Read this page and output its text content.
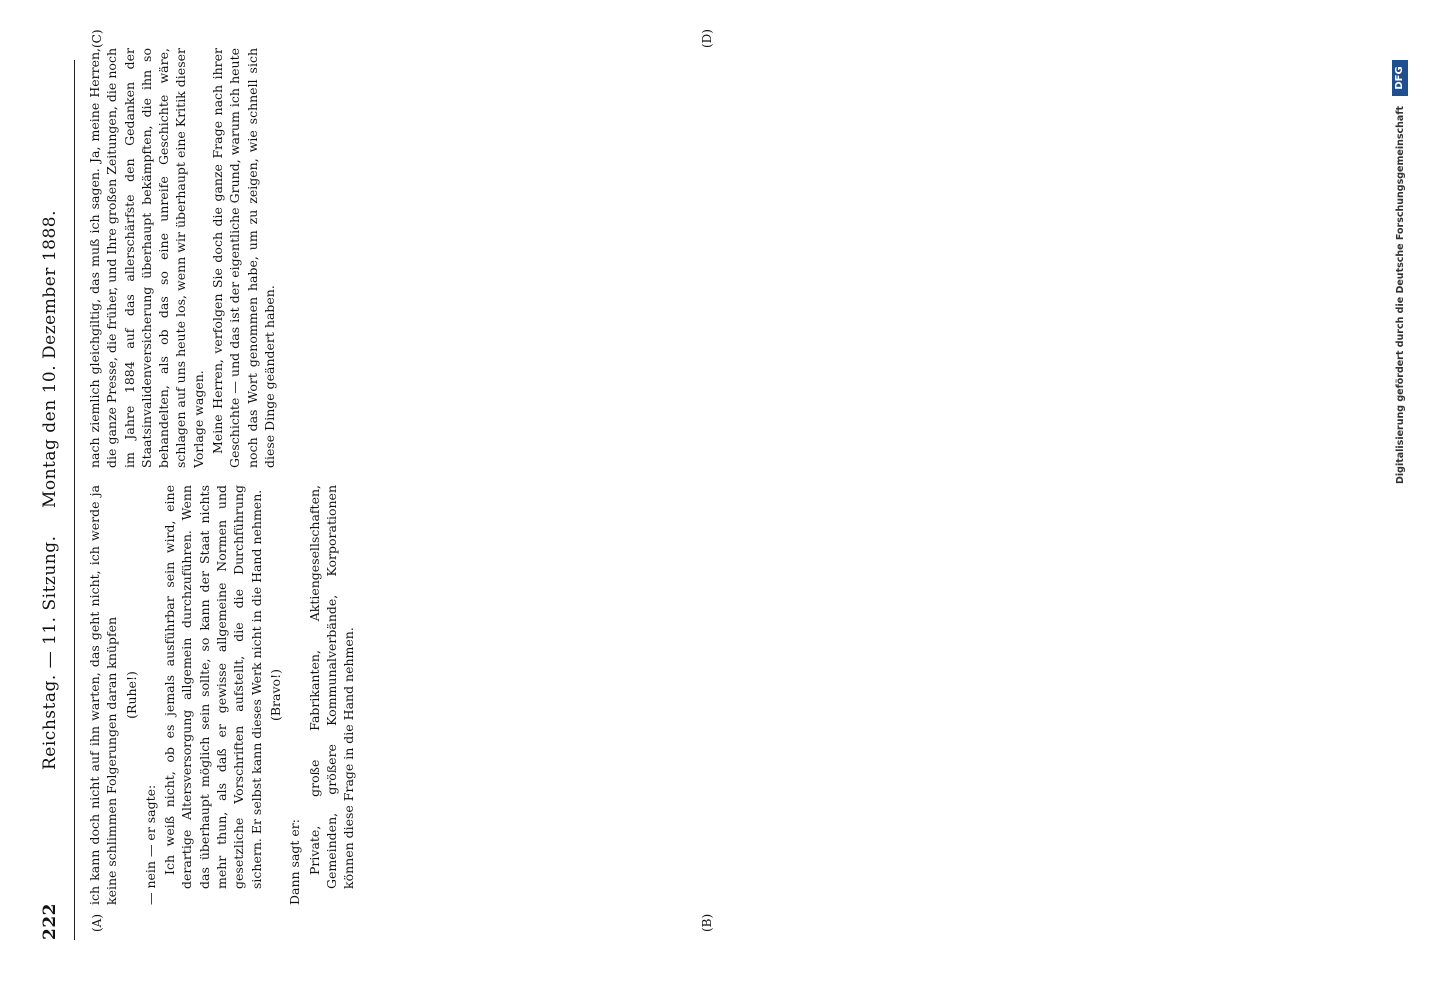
222
Reichstag. — 11. Sitzung.
Montag den 10. Dezember 1888.
(A)	(B)
(C)	(D)

ich kann doch nicht auf ihn warten, das geht nicht, ich werde ja keine schlimmen Folgerungen daran knüpfen (Ruhe!)

— nein — er sagte: Ich weiß nicht, ob es jemals ausführbar sein wird, eine derartige Altersversorgung allgemein durchzuführen. Wenn das überhaupt möglich sein sollte, so kann der Staat nichts mehr thun, als daß er gewisse allgemeine Normen und gesetzliche Vorschriften aufstellt, die die Durchführung sichern. Er selbst kann dieses Werk nicht in die Hand nehmen. (Bravo!)

Dann sagt er: Private, große Fabrikanten, Aktiengesellschaften, Gemeinden, größere Kommunalverbände, Korporationen können diese Frage in die Hand nehmen.

nach ziemlich gleichgiltig, das muß ich sagen. Ja, meine Herren, die ganze Presse, die früher, und Ihre großen Zeitungen, die noch im Jahre 1884 auf das allerschärfste den Gedanken der Staatsinvalidenversicherung überhaupt bekämpften, die ihn so behandelten, als ob das so eine unreife Geschichte wäre, schlagen auf uns heute los, wenn wir überhaupt eine Kritik dieser Vorlage wagen. Meine Herren, verfolgen Sie doch die ganze Frage nach ihrer Geschichte — und das ist der eigentliche Grund, warum ich heute noch das Wort genommen habe, um zu zeigen, wie schnell sich diese Dinge geändert haben.	Digitalisierung gefördert durch die Deutsche Forschungsgemeinschaft
DFG
